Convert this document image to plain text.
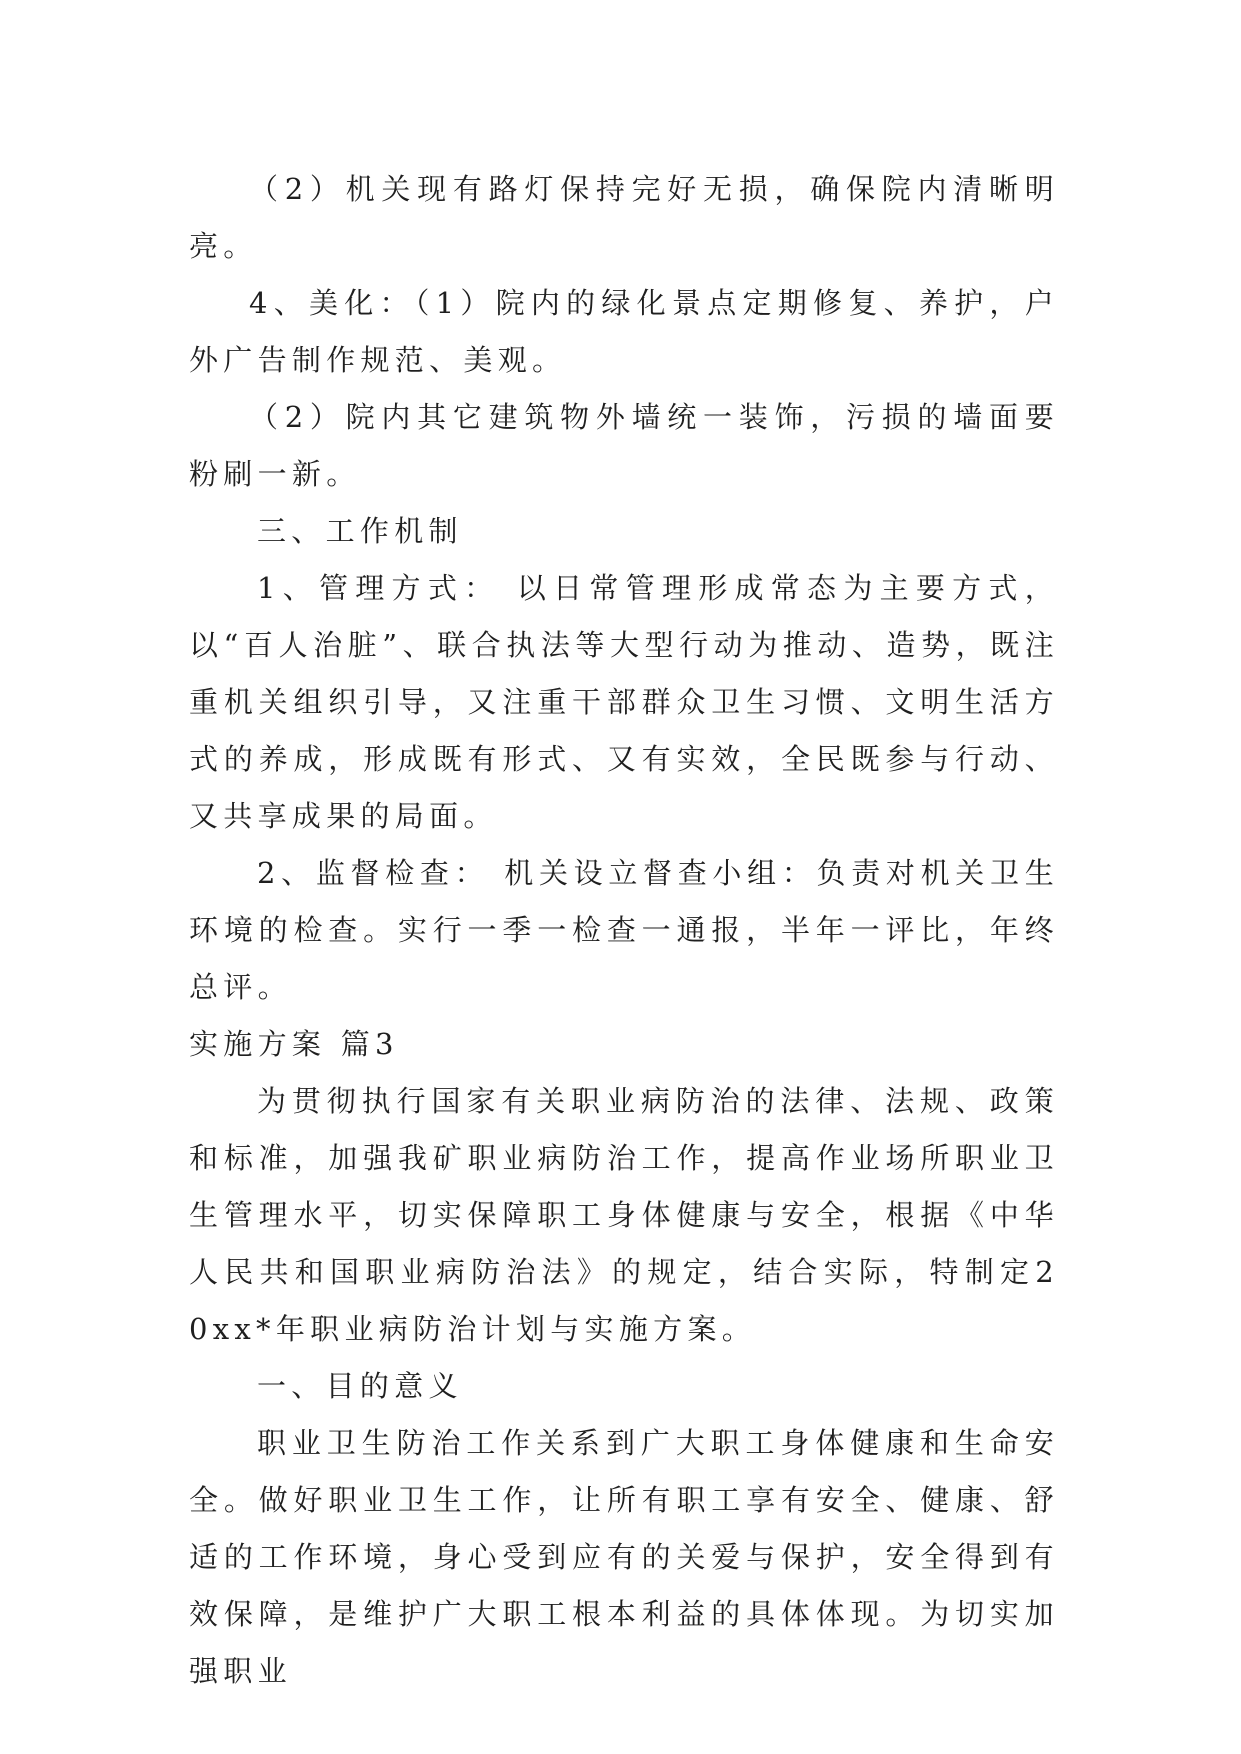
（2）机关现有路灯保持完好无损，确保院内清晰明亮。

4、美化：（1）院内的绿化景点定期修复、养护，户外广告制作规范、美观。

（2）院内其它建筑物外墙统一装饰，污损的墙面要粉刷一新。

三、工作机制

1、管理方式： 以日常管理形成常态为主要方式，以“百人治脏”、联合执法等大型行动为推动、造势，既注重机关组织引导，又注重干部群众卫生习惯、文明生活方式的养成，形成既有形式、又有实效，全民既参与行动、又共享成果的局面。

2、监督检查： 机关设立督查小组：负责对机关卫生环境的检查。实行一季一检查一通报，半年一评比，年终总评。

实施方案 篇3

为贯彻执行国家有关职业病防治的法律、法规、政策和标准，加强我矿职业病防治工作，提高作业场所职业卫生管理水平，切实保障职工身体健康与安全，根据《中华人民共和国职业病防治法》的规定，结合实际，特制定20xx*年职业病防治计划与实施方案。

一、目的意义

职业卫生防治工作关系到广大职工身体健康和生命安全。做好职业卫生工作，让所有职工享有安全、健康、舒适的工作环境，身心受到应有的关爱与保护，安全得到有效保障，是维护广大职工根本利益的具体体现。为切实加强职业
